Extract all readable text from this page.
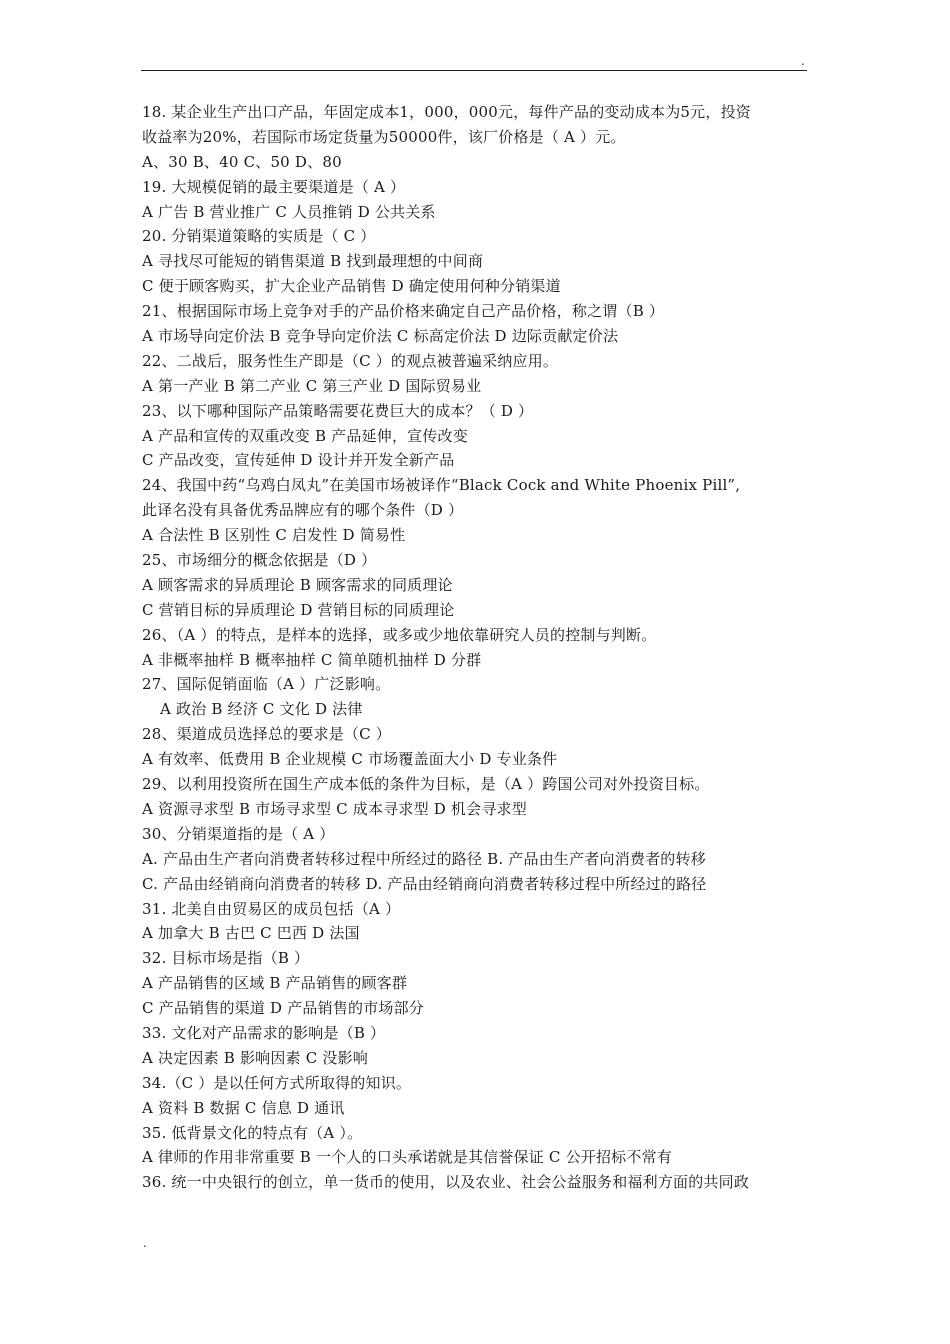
.
18. 某企业生产出口产品，年固定成本1，000，000元，每件产品的变动成本为5元，投资
收益率为20%，若国际市场定货量为50000件，该厂价格是（ A ）元。
A、30 B、40 C、50 D、80
19. 大规模促销的最主要渠道是（ A ）
A 广告 B 营业推广 C 人员推销 D 公共关系
20. 分销渠道策略的实质是（ C ）
A 寻找尽可能短的销售渠道 B 找到最理想的中间商
C 便于顾客购买，扩大企业产品销售 D 确定使用何种分销渠道
21、根据国际市场上竞争对手的产品价格来确定自己产品价格，称之谓（B ）
A 市场导向定价法 B 竞争导向定价法 C 标高定价法 D 边际贡献定价法
22、二战后，服务性生产即是（C ）的观点被普遍采纳应用。
A 第一产业 B 第二产业 C 第三产业 D 国际贸易业
23、以下哪种国际产品策略需要花费巨大的成本？（ D ）
A 产品和宣传的双重改变 B 产品延伸，宣传改变
C 产品改变，宣传延伸 D 设计并开发全新产品
24、我国中药“乌鸡白凤丸”在美国市场被译作“Black Cock and White Phoenix Pill”,
此译名没有具备优秀品牌应有的哪个条件（D ）
A 合法性 B 区别性 C 启发性 D 简易性
25、市场细分的概念依据是（D ）
A 顾客需求的异质理论 B 顾客需求的同质理论
C 营销目标的异质理论 D 营销目标的同质理论
26、（A ）的特点，是样本的选择，或多或少地依靠研究人员的控制与判断。
A 非概率抽样 B 概率抽样 C 简单随机抽样 D 分群
27、国际促销面临（A ）广泛影响。
A 政治 B 经济 C 文化 D 法律
28、渠道成员选择总的要求是（C ）
A 有效率、低费用 B 企业规模 C 市场覆盖面大小 D 专业条件
29、以利用投资所在国生产成本低的条件为目标，是（A ）跨国公司对外投资目标。
A 资源寻求型 B 市场寻求型 C 成本寻求型 D 机会寻求型
30、分销渠道指的是（ A ）
A. 产品由生产者向消费者转移过程中所经过的路径 B. 产品由生产者向消费者的转移
C. 产品由经销商向消费者的转移 D. 产品由经销商向消费者转移过程中所经过的路径
31. 北美自由贸易区的成员包括（A ）
A 加拿大 B 古巴 C 巴西 D 法国
32. 目标市场是指（B ）
A 产品销售的区域 B 产品销售的顾客群
C 产品销售的渠道 D 产品销售的市场部分
33. 文化对产品需求的影响是（B ）
A 决定因素 B 影响因素 C 没影响
34.（C ）是以任何方式所取得的知识。
A 资料 B 数据 C 信息 D 通讯
35. 低背景文化的特点有（A ）。
A 律师的作用非常重要 B 一个人的口头承诺就是其信誉保证 C 公开招标不常有
36. 统一中央银行的创立，单一货币的使用，以及农业、社会公益服务和福利方面的共同政
.
